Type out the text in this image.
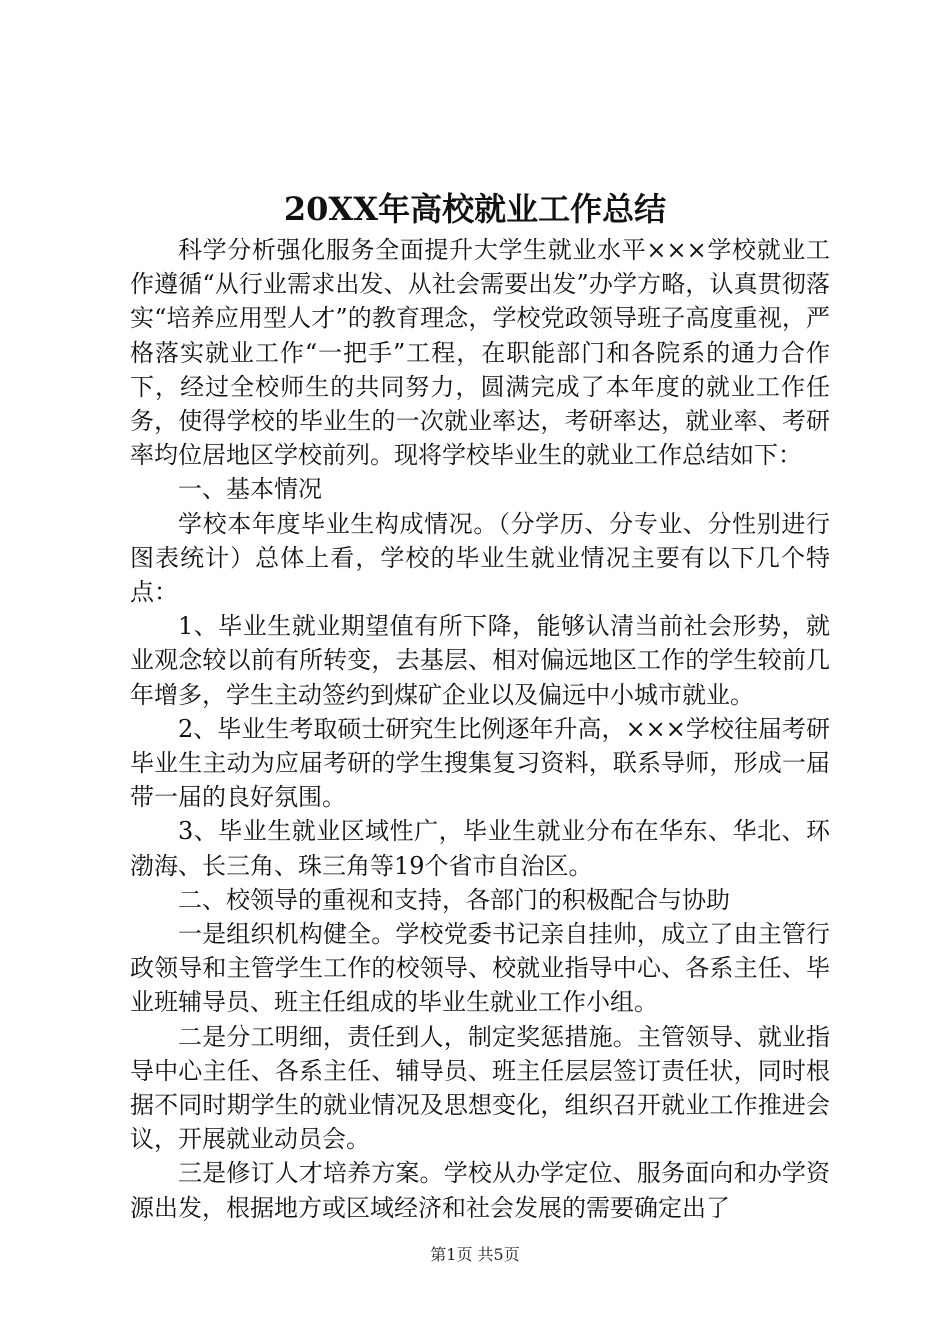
20XX年高校就业工作总结

科学分析强化服务全面提升大学生就业水平×××学校就业工作遵循“从行业需求出发、从社会需要出发”办学方略，认真贯彻落实“培养应用型人才”的教育理念，学校党政领导班子高度重视，严格落实就业工作“一把手”工程，在职能部门和各院系的通力合作下，经过全校师生的共同努力，圆满完成了本年度的就业工作任务，使得学校的毕业生的一次就业率达，考研率达，就业率、考研率均位居地区学校前列。现将学校毕业生的就业工作总结如下：

一、基本情况

学校本年度毕业生构成情况。（分学历、分专业、分性别进行图表统计）总体上看，学校的毕业生就业情况主要有以下几个特点：

1、毕业生就业期望值有所下降，能够认清当前社会形势，就业观念较以前有所转变，去基层、相对偏远地区工作的学生较前几年增多，学生主动签约到煤矿企业以及偏远中小城市就业。

2、毕业生考取硕士研究生比例逐年升高，×××学校往届考研毕业生主动为应届考研的学生搜集复习资料，联系导师，形成一届带一届的良好氛围。

3、毕业生就业区域性广，毕业生就业分布在华东、华北、环渤海、长三角、珠三角等19个省市自治区。

二、校领导的重视和支持，各部门的积极配合与协助

一是组织机构健全。学校党委书记亲自挂帅，成立了由主管行政领导和主管学生工作的校领导、校就业指导中心、各系主任、毕业班辅导员、班主任组成的毕业生就业工作小组。

二是分工明细，责任到人，制定奖惩措施。主管领导、就业指导中心主任、各系主任、辅导员、班主任层层签订责任状，同时根据不同时期学生的就业情况及思想变化，组织召开就业工作推进会议，开展就业动员会。

三是修订人才培养方案。学校从办学定位、服务面向和办学资源出发，根据地方或区域经济和社会发展的需要确定出了

第1页 共5页
